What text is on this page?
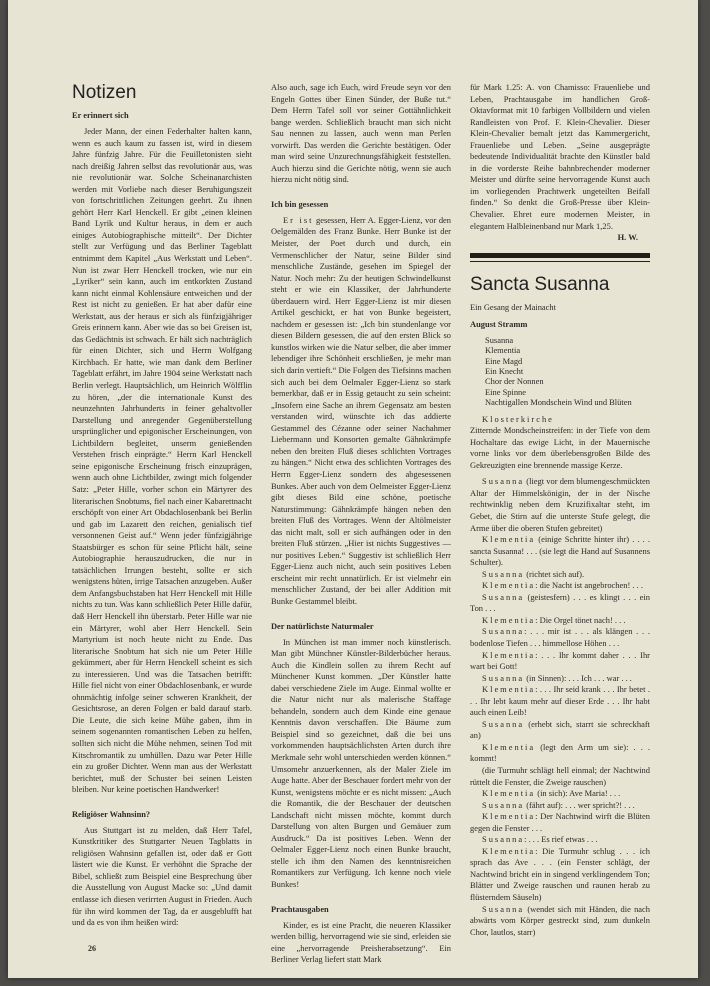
Notizen
Er erinnert sich

Jeder Mann, der einen Federhalter halten kann, wenn es auch kaum zu fassen ist, wird in diesem Jahre fünfzig Jahre. Für die Feuilletonisten sieht nach dreißig Jahren selbst das revolutionär aus, was nie revolutionär war. Solche Scheinanarchisten werden mit Vorliebe nach dieser Beruhigungszeit von fortschrittlichen Zeitungen geehrt. Zu ihnen gehört Herr Karl Henckell. Er gibt „einen kleinen Band Lyrik und Kultur heraus, in dem er auch einiges Autobiographische mitteilt“. Der Dichter stellt zur Verfügung und das Berliner Tageblatt entnimmt dem Kapitel „Aus Werkstatt und Leben“. Nun ist zwar Herr Henckell trocken, wie nur ein „Lyriker“ sein kann, auch im entkorkten Zustand kann nicht einmal Kohlensäure entweichen und der Rest ist nicht zu genießen. Er hat aber dafür eine Werkstatt, aus der heraus er sich als fünfzigjähriger Greis erinnern kann. Aber wie das so bei Greisen ist, das Gedächtnis ist schwach. Er hält sich nachträglich für einen Dichter, sich und Herrn Wolfgang Kirchbach. Er hatte, wie man dank dem Berliner Tageblatt erfährt, im Jahre 1904 seine Werkstatt nach Berlin verlegt. Hauptsächlich, um Heinrich Wölfflin zu hören, „der die internationale Kunst des neunzehnten Jahrhunderts in feiner gehaltvoller Darstellung und anregender Gegenüberstellung ursprünglicher und epigonischer Erscheinungen, von Lichtbildern begleitet, unserm genießenden Verstehen frisch einprägte.“ Herrn Karl Henckell seine epigonische Erscheinung frisch einzuprägen, wenn auch ohne Lichtbilder, zwingt mich folgender Satz: „Peter Hille, vorher schon ein Märtyrer des literarischen Snobtums, fiel nach einer Kabarettnacht erschöpft von einer Art Obdachlosenbank bei Berlin und gab im Lazarett den reichen, genialisch tief versonnenen Geist auf.“ Wenn jeder fünfzigjährige Staatsbürger es schon für seine Pflicht hält, seine Autobiographie herauszudrucken, die nur in tatsächlichen Irrungen besteht, sollte er sich wenigstens hüten, irrige Tatsachen anzugeben. Außer dem Anfangsbuchstaben hat Herr Henckell mit Hille nichts zu tun. Was kann schließlich Peter Hille dafür, daß Herr Henckell ihn überstarb. Peter Hille war nie ein Märtyrer, wohl aber Herr Henckell. Sein Martyrium ist noch heute nicht zu Ende. Das literarische Snobtum hat sich nie um Peter Hille gekümmert, aber für Herrn Henckell scheint es sich zu interessieren. Und was die Tatsachen betrifft: Hille fiel nicht von einer Obdachlosenbank, er wurde ohnmächtig infolge seiner schweren Krankheit, der Gesichtsrose, an deren Folgen er bald darauf starb. Die Leute, die sich keine Mühe gaben, ihm in seinem sogenannten romantischen Leben zu helfen, sollten sich nicht die Mühe nehmen, seinen Tod mit Kitschromantik zu umhüllen. Dazu war Peter Hille ein zu großer Dichter. Wenn man aus der Werkstatt berichtet, muß der Schuster bei seinen Leisten bleiben. Nur keine poetischen Handwerker!

Religiöser Wahnsinn?

Aus Stuttgart ist zu melden, daß Herr Tafel, Kunstkritiker des Stuttgarter Neuen Tagblatts in religiösen Wahnsinn gefallen ist, oder daß er Gott lästert wie die Kunst. Er verhöhnt die Sprache der Bibel, schließt zum Beispiel eine Besprechung über die Ausstellung von August Macke so: „Und damit entlasse ich diesen verirrten August in Frieden. Auch für ihn wird kommen der Tag, da er ausgeblufft hat und da es von ihm heißen wird:

26

Also auch, sage ich Euch, wird Freude seyn vor den Engeln Gottes über Einen Sünder, der Buße tut.“ Dem Herrn Tafel soll vor seiner Gottähnlichkeit bange werden. Schließlich braucht man sich nicht Sau nennen zu lassen, auch wenn man Perlen vorwirft. Das werden die Gerichte bestätigen. Oder man wird seine Unzurechnungsfähigkeit feststellen. Auch hierzu sind die Gerichte nötig, wenn sie auch hierzu nicht nötig sind.

Ich bin gesessen

Er ist gesessen, Herr A. Egger-Lienz, vor den Oelgemälden des Franz Bunke. Herr Bunke ist der Meister, der Poet durch und durch, ein Vermenschlicher der Natur, seine Bilder sind menschliche Zustände, gesehen im Spiegel der Natur. Noch mehr: Zu der heutigen Schwindelkunst steht er wie ein Klassiker, der Jahrhunderte überdauern wird. Herr Egger-Lienz ist mir diesen Artikel geschickt, er hat von Bunke begeistert, nachdem er gesessen ist: „Ich bin stundenlange vor diesen Bildern gesessen, die auf den ersten Blick so kunstlos wirken wie die Natur selber, die aber immer lebendiger ihre Schönheit erschließen, je mehr man sich darin vertieft.“ Die Folgen des Tiefsinns machen sich auch bei dem Oelmaler Egger-Lienz so stark bemerkbar, daß er in Essig getaucht zu sein scheint: „Insofern eine Sache an ihrem Gegensatz am besten verstanden wird, wünschte ich das addierte Gestammel des Cézanne oder seiner Nachahmer Liebermann und Konsorten gemalte Gähnkrämpfe neben den breiten Fluß dieses schlichten Vortrages zu hängen.“ Nicht etwa des schlichten Vortrages des Herrn Egger-Lienz sondern des abgesessenen Bunkes. Aber auch von dem Oelmeister Egger-Lienz gibt dieses Bild eine schöne, poetische Naturstimmung: Gähnkrämpfe hängen neben den breiten Fluß des Vortrages. Wenn der Altölmeister das nicht malt, soll er sich aufhängen oder in den breiten Fluß stürzen. „Hier ist nichts Suggestives — nur positives Leben.“ Suggestiv ist schließlich Herr Egger-Lienz auch nicht, auch sein positives Leben erscheint mir recht unnatürlich. Er ist vielmehr ein menschlicher Zustand, der bei aller Addition mit Bunke Gestammel bleibt.

Der natürlichste Naturmaler

In München ist man immer noch künstlerisch. Man gibt Münchner Künstler-Bilderbücher heraus. Auch die Kindlein sollen zu ihrem Recht auf Münchener Kunst kommen. „Der Künstler hatte dabei verschiedene Ziele im Auge. Einmal wollte er die Natur nicht nur als malerische Staffage behandeln, sondern auch dem Kinde eine genaue Kenntnis davon verschaffen. Die Bäume zum Beispiel sind so gezeichnet, daß die bei uns vorkommenden hauptsächlichsten Arten durch ihre Merkmale sehr wohl unterschieden werden können.“ Umsomehr anzuerkennen, als der Maler Ziele im Auge hatte. Aber der Beschauer fordert mehr von der Kunst, wenigstens möchte er es nicht missen: „Auch die Romantik, die der Beschauer der deutschen Landschaft nicht missen möchte, kommt durch Darstellung von alten Burgen und Gemäuer zum Ausdruck.“ Da ist positives Leben. Wenn der Oelmaler Egger-Lienz noch einen Bunke braucht, stelle ich ihm den Namen des kenntnisreichen Romantikers zur Verfügung. Ich kenne noch viele Bunkes!

Prachtausgaben

Kinder, es ist eine Pracht, die neueren Klassiker werden billig, hervorragend wie sie sind, erleiden sie eine „hervorragende Preisherabsetzung“. Ein Berliner Verlag liefert statt Mark

für Mark 1.25: A. von Chamisso: Frauenliebe und Leben, Prachtausgabe im handlichen Groß-Oktavformat mit 10 farbigen Vollbildern und vielen Randleisten von Prof. F. Klein-Chevalier. Dieser Klein-Chevalier bemalt jetzt das Kammergericht, Frauenliebe und Leben. „Seine ausgeprägte bedeutende Individualität brachte den Künstler bald in die vorderste Reihe bahnbrechender moderner Meister und dürfte seine hervorragende Kunst auch im vorliegenden Prachtwerk ungeteilten Beifall finden.“ So denkt die Groß-Presse über Klein-Chevalier. Ehret eure modernen Meister, in elegantem Halbleinenband nur Mark 1,25.

H. W.
Sancta Susanna
Ein Gesang der Mainacht
August Stramm
Susanna
Klementia
Eine Magd
Ein Knecht
Chor der Nonnen
Eine Spinne
Nachtigallen Mondschein Wind und Blüten
Klosterkirche

Zitternde Mondscheinstreifen: in der Tiefe von dem Hochaltare das ewige Licht, in der Mauernische vorne links vor dem überlebensgroßen Bilde des Gekreuzigten eine brennende massige Kerze.

Susanna (liegt vor dem blumengeschmückten Altar der Himmelskönigin, der in der Nische rechtwinklig neben dem Kruzifixaltar steht, im Gebet, die Stirn auf die unterste Stufe gelegt, die Arme über die oberen Stufen gebreitet)

Klementia (einige Schritte hinter ihr) . . . . sancta Susanna! . . . (sie legt die Hand auf Susannens Schulter).

Susanna (richtet sich auf).

Klementia: die Nacht ist angebrochen! . . .

Susanna (geistesfern) . . . es klingt . . . ein Ton . . .

Klementia: Die Orgel tönet nach! . . .

Susanna: . . . mir ist . . . als klängen . . . bodenlose Tiefen . . . himmellose Höhen . . .

Klementia: . . . Ihr kommt daher . . . Ihr wart bei Gott!

Susanna (in Sinnen): . . . Ich . . . war . . .

Klementia: . . . Ihr seid krank . . . Ihr betet . . . Ihr lebt kaum mehr auf dieser Erde . . . Ihr habt auch einen Leib!

Susanna (erhebt sich, starrt sie schreckhaft an)

Klementia (legt den Arm um sie): . . . kommt!

(die Turmuhr schlägt hell einmal; der Nachtwind rüttelt die Fenster, die Zweige rauschen)

Klementia (in sich): Ave Maria! . . .

Susanna (fährt auf): . . . wer spricht?! . . .

Klementia: Der Nachtwind wirft die Blüten gegen die Fenster . . .

Susanna: . . . Es rief etwas . . .

Klementia: Die Turmuhr schlug . . . ich sprach das Ave . . . (ein Fenster schlägt, der Nachtwind bricht ein in singend verklingendem Ton; Blätter und Zweige rauschen und raunen herab zu flüsterndem Säuseln)

Susanna (wendet sich mit Händen, die nach abwärts vom Körper gestreckt sind, zum dunkeln Chor, lautlos, starr)
